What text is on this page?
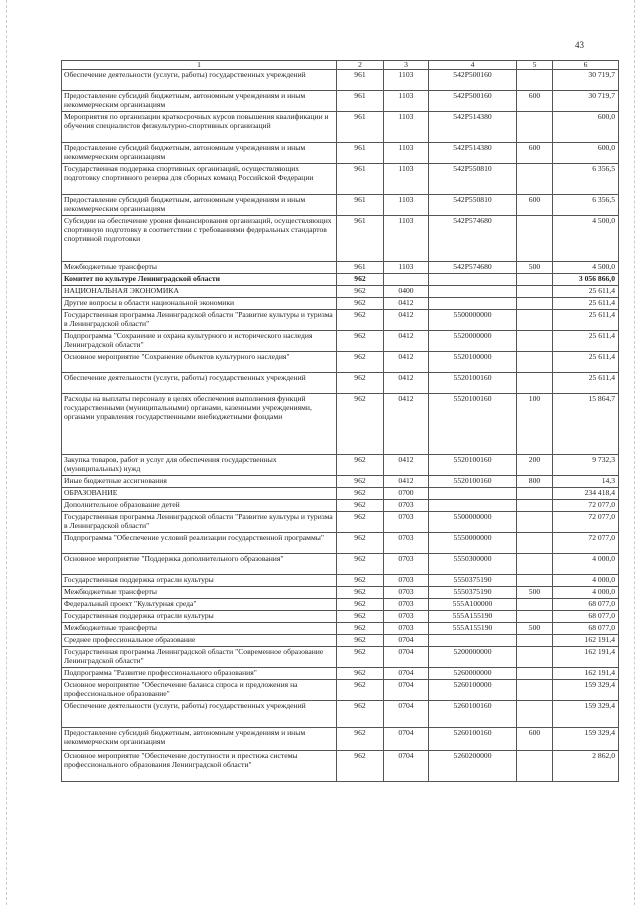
43
1	2	3	4	5	6
Обеспечение деятельности (услуги, работы) государственных учреждений	961	1103	542Р500160		30 719,7
Предоставление субсидий бюджетным, автономным учреждениям и иным некоммерческим организациям	961	1103	542Р500160	600	30 719,7
Мероприятия по организации краткосрочных курсов повышения квалификации и обучения специалистов физкультурно-спортивных организаций	961	1103	542Р514380		600,0
Предоставление субсидий бюджетным, автономным учреждениям и иным некоммерческим организациям	961	1103	542Р514380	600	600,0
Государственная поддержка спортивных организаций, осуществляющих подготовку спортивного резерва для сборных команд Российской Федерации	961	1103	542Р550810		6 356,5
Предоставление субсидий бюджетным, автономным учреждениям и иным некоммерческим организациям	961	1103	542Р550810	600	6 356,5
Субсидии на обеспечение уровня финансирования организаций, осуществляющих спортивную подготовку в соответствии с требованиями федеральных стандартов спортивной подготовки	961	1103	542Р574680		4 500,0
Межбюджетные трансферты	961	1103	542Р574680	500	4 500,0
Комитет по культуре Ленинградской области	962				3 056 866,0
НАЦИОНАЛЬНАЯ ЭКОНОМИКА	962	0400			25 611,4
Другие вопросы в области национальной экономики	962	0412			25 611,4
Государственная программа Ленинградской области "Развитие культуры и туризма в Ленинградской области"	962	0412	5500000000		25 611,4
Подпрограмма "Сохранение и охрана культурного и исторического наследия Ленинградской области"	962	0412	5520000000		25 611,4
Основное мероприятие "Сохранение объектов культурного наследия"	962	0412	5520100000		25 611,4
Обеспечение деятельности (услуги, работы) государственных учреждений	962	0412	5520100160		25 611,4
Расходы на выплаты персоналу в целях обеспечения выполнения функций государственными (муниципальными) органами, казенными учреждениями, органами управления государственными внебюджетными фондами	962	0412	5520100160	100	15 864,7
Закупка товаров, работ и услуг для обеспечения государственных (муниципальных) нужд	962	0412	5520100160	200	9 732,3
Иные бюджетные ассигнования	962	0412	5520100160	800	14,3
ОБРАЗОВАНИЕ	962	0700			234 418,4
Дополнительное образование детей	962	0703			72 077,0
Государственная программа Ленинградской области "Развитие культуры и туризма в Ленинградской области"	962	0703	5500000000		72 077,0
Подпрограмма "Обеспечение условий реализации государственной программы"	962	0703	5550000000		72 077,0
Основное мероприятие "Поддержка дополнительного образования"	962	0703	5550300000		4 000,0
Государственная поддержка отрасли культуры	962	0703	5550375190		4 000,0
Межбюджетные трансферты	962	0703	5550375190	500	4 000,0
Федеральный проект "Культурная среда"	962	0703	555А100000		68 077,0
Государственная поддержка отрасли культуры	962	0703	555А155190		68 077,0
Межбюджетные трансферты	962	0703	555А155190	500	68 077,0
Среднее профессиональное образование	962	0704			162 191,4
Государственная программа Ленинградской области "Современное образование Ленинградской области"	962	0704	5200000000		162 191,4
Подпрограмма "Развитие профессионального образования"	962	0704	5260000000		162 191,4
Основное мероприятие "Обеспечение баланса спроса и предложения на профессиональное образование"	962	0704	5260100000		159 329,4
Обеспечение деятельности (услуги, работы) государственных учреждений	962	0704	5260100160		159 329,4
Предоставление субсидий бюджетным, автономным учреждениям и иным некоммерческим организациям	962	0704	5260100160	600	159 329,4
Основное мероприятие "Обеспечение доступности и престижа системы профессионального образования Ленинградской области"	962	0704	5260200000		2 862,0
